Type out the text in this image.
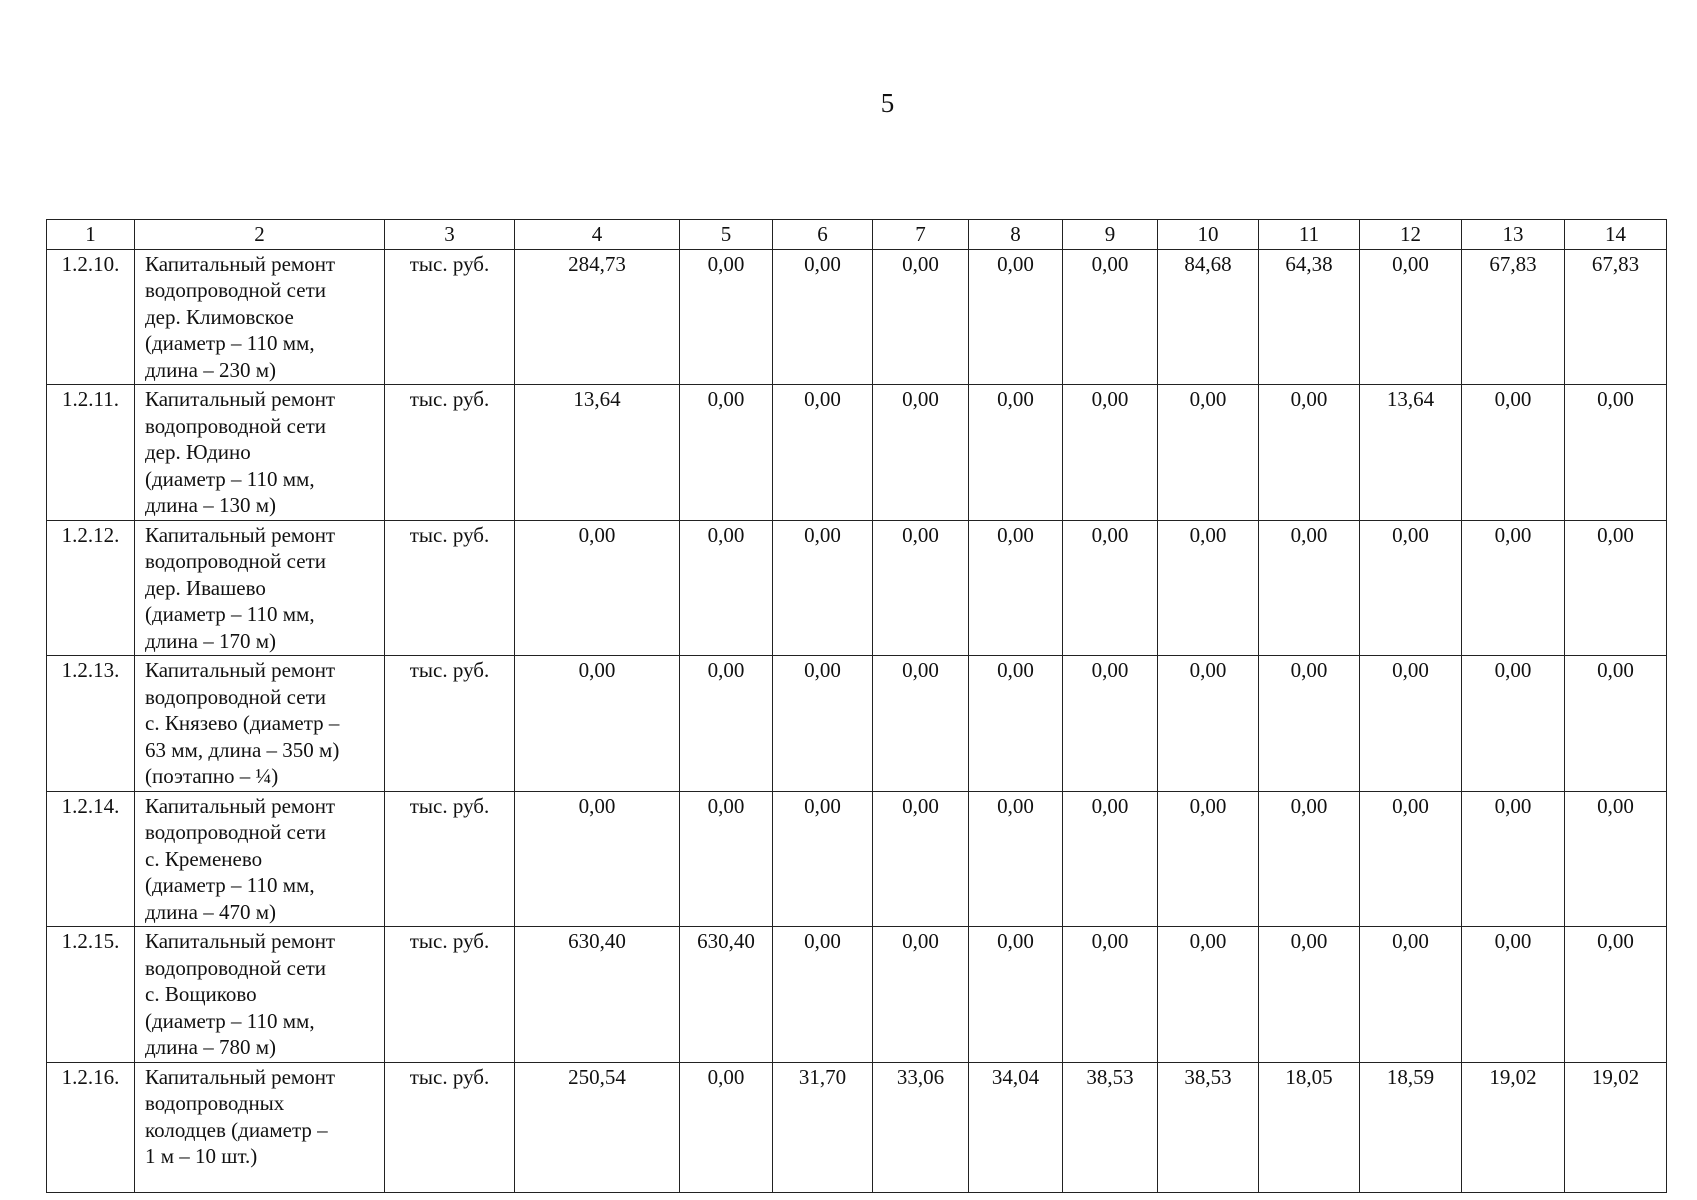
5
1	2	3	4	5	6	7	8	9	10	11	12	13	14
1.2.10.	Капитальный ремонт
водопроводной сети
дер. Климовское
(диаметр – 110 мм,
длина – 230 м)	тыс. руб.	284,73	0,00	0,00	0,00	0,00	0,00	84,68	64,38	0,00	67,83	67,83
1.2.11.	Капитальный ремонт
водопроводной сети
дер. Юдино
(диаметр – 110 мм,
длина – 130 м)	тыс. руб.	13,64	0,00	0,00	0,00	0,00	0,00	0,00	0,00	13,64	0,00	0,00
1.2.12.	Капитальный ремонт
водопроводной сети
дер. Ивашево
(диаметр – 110 мм,
длина – 170 м)	тыс. руб.	0,00	0,00	0,00	0,00	0,00	0,00	0,00	0,00	0,00	0,00	0,00
1.2.13.	Капитальный ремонт
водопроводной сети
с. Князево (диаметр –
63 мм, длина – 350 м)
(поэтапно – ¼)	тыс. руб.	0,00	0,00	0,00	0,00	0,00	0,00	0,00	0,00	0,00	0,00	0,00
1.2.14.	Капитальный ремонт
водопроводной сети
с. Кременево
(диаметр – 110 мм,
длина – 470 м)	тыс. руб.	0,00	0,00	0,00	0,00	0,00	0,00	0,00	0,00	0,00	0,00	0,00
1.2.15.	Капитальный ремонт
водопроводной сети
с. Вощиково
(диаметр – 110 мм,
длина – 780 м)	тыс. руб.	630,40	630,40	0,00	0,00	0,00	0,00	0,00	0,00	0,00	0,00	0,00
1.2.16.	Капитальный ремонт
водопроводных
колодцев (диаметр –
1 м – 10 шт.)	тыс. руб.	250,54	0,00	31,70	33,06	34,04	38,53	38,53	18,05	18,59	19,02	19,02
